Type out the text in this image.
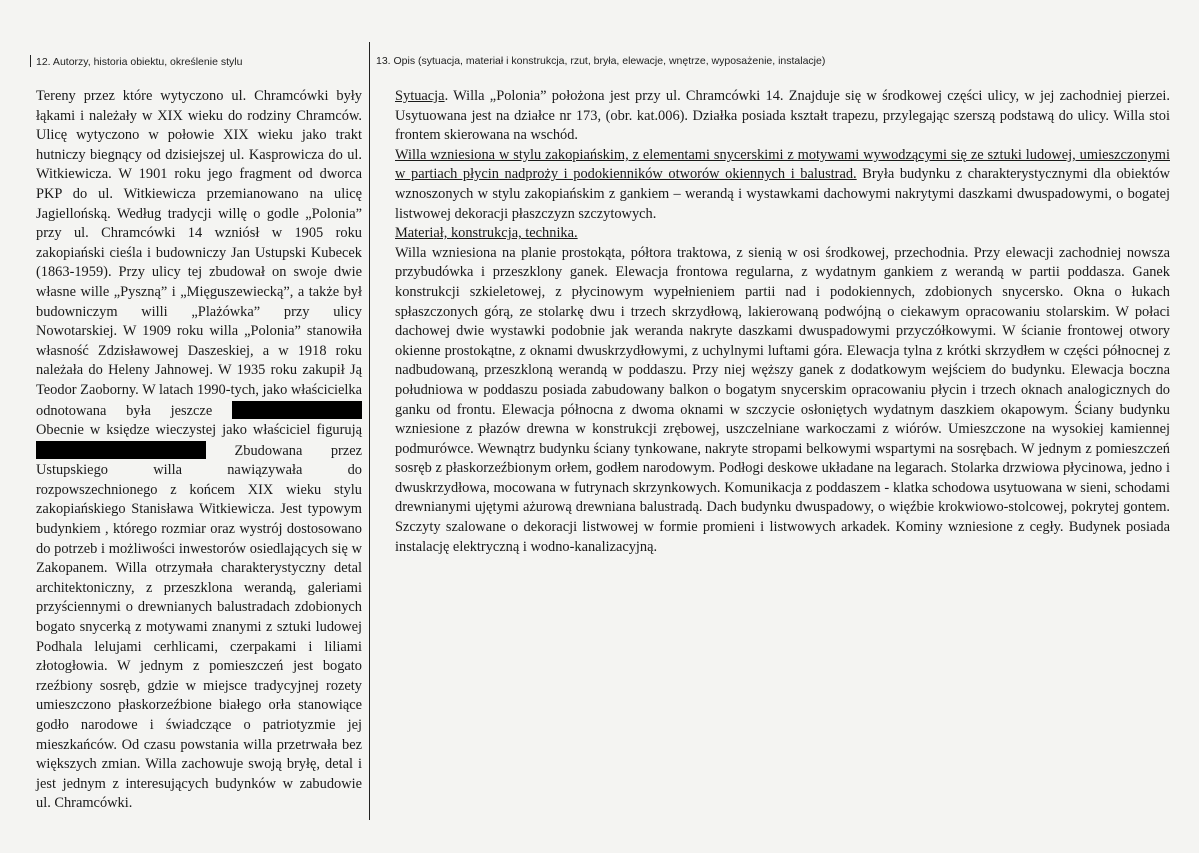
12. Autorzy, historia obiektu, określenie stylu	13. Opis (sytuacja, materiał i konstrukcja, rzut, bryła, elewacje, wnętrze, wyposażenie, instalacje)

Tereny przez które wytyczono ul. Chramcówki były łąkami i należały w XIX wieku do rodziny Chramców. Ulicę wytyczono w połowie XIX wieku jako trakt hutniczy biegnący od dzisiejszej ul. Kasprowicza do ul. Witkiewicza. W 1901 roku jego fragment od dworca PKP do ul. Witkiewicza przemianowano na ulicę Jagiellońską. Według tradycji willę o godle „Polonia” przy ul. Chramcówki 14 wzniósł w 1905 roku zakopiański cieśla i budowniczy Jan Ustupski Kubecek (1863-1959). Przy ulicy tej zbudował on swoje dwie własne wille „Pyszną” i „Mięguszewiecką”, a także był budowniczym willi „Plażówka” przy ulicy Nowotarskiej. W 1909 roku willa „Polonia” stanowiła własność Zdzisławowej Daszeskiej, a w 1918 roku należała do Heleny Jahnowej. W 1935 roku zakupił Ją Teodor Zaoborny. W latach 1990-tych, jako właścicielka odnotowana była jeszcze  Obecnie w księdze wieczystej jako właściciel figurują  Zbudowana przez Ustupskiego willa nawiązywała do rozpowszechnionego z końcem XIX wieku stylu zakopiańskiego Stanisława Witkiewicza. Jest typowym budynkiem , którego rozmiar oraz wystrój dostosowano do potrzeb i możliwości inwestorów osiedlających się w Zakopanem. Willa otrzymała charakterystyczny detal architektoniczny, z przeszklona werandą, galeriami przyściennymi o drewnianych balustradach zdobionych bogato snycerką z motywami znanymi z sztuki ludowej Podhala lelujami cerhlicami, czerpakami i liliami złotogłowia. W jednym z pomieszczeń jest bogato rzeźbiony sosręb, gdzie w miejsce tradycyjnej rozety umieszczono płaskorzeźbione białego orła stanowiące godło narodowe i świadczące o patriotyzmie jej mieszkańców. Od czasu powstania willa przetrwała bez większych zmian. Willa zachowuje swoją bryłę, detal i jest jednym z interesujących budynków w zabudowie ul. Chramcówki.

Sytuacja. Willa „Polonia” położona jest przy ul. Chramcówki 14. Znajduje się w środkowej części ulicy, w jej zachodniej pierzei. Usytuowana jest na działce nr 173, (obr. kat.006). Działka posiada kształt trapezu, przylegając szerszą podstawą do ulicy. Willa stoi frontem skierowana na wschód.

Willa wzniesiona w stylu zakopiańskim, z elementami snycerskimi z motywami wywodzącymi się ze sztuki ludowej, umieszczonymi w partiach płycin nadproży i podokienników otworów okiennych i balustrad. Bryła budynku z charakterystycznymi dla obiektów wznoszonych w stylu zakopiańskim z gankiem – werandą i wystawkami dachowymi nakrytymi daszkami dwuspadowymi, o bogatej listwowej dekoracji płaszczyzn szczytowych.

Materiał, konstrukcja, technika.

Willa wzniesiona na planie prostokąta, półtora traktowa, z sienią w osi środkowej, przechodnia. Przy elewacji zachodniej nowsza przybudówka i przeszklony ganek. Elewacja frontowa regularna, z wydatnym gankiem z werandą w partii poddasza. Ganek konstrukcji szkieletowej, z płycinowym wypełnieniem partii nad i podokiennych, zdobionych snycersko. Okna o łukach spłaszczonych górą, ze stolarkę dwu i trzech skrzydłową, lakierowaną podwójną o ciekawym opracowaniu stolarskim. W połaci dachowej dwie wystawki podobnie jak weranda nakryte daszkami dwuspadowymi przyczółkowymi. W ścianie frontowej otwory okienne prostokątne, z oknami dwuskrzydłowymi, z uchylnymi luftami góra. Elewacja tylna z krótki skrzydłem w części północnej z nadbudowaną, przeszkloną werandą w poddaszu. Przy niej węższy ganek z dodatkowym wejściem do budynku. Elewacja boczna południowa w poddaszu posiada zabudowany balkon o bogatym snycerskim opracowaniu płycin i trzech oknach analogicznych do ganku od frontu. Elewacja północna z dwoma oknami w szczycie osłoniętych wydatnym daszkiem okapowym. Ściany budynku wzniesione z płazów drewna w konstrukcji zrębowej, uszczelniane warkoczami z wiórów. Umieszczone na wysokiej kamiennej podmurówce. Wewnątrz budynku ściany tynkowane, nakryte stropami belkowymi wspartymi na sosrębach. W jednym z pomieszczeń sosręb z płaskorzeźbionym orłem, godłem narodowym. Podłogi deskowe układane na legarach. Stolarka drzwiowa płycinowa, jedno i dwuskrzydłowa, mocowana w futrynach skrzynkowych. Komunikacja z poddaszem - klatka schodowa usytuowana w sieni, schodami drewnianymi ujętymi ażurową drewniana balustradą. Dach budynku dwuspadowy, o więźbie krokwiowo-stolcowej, pokrytej gontem. Szczyty szalowane o dekoracji listwowej w formie promieni i listwowych arkadek. Kominy wzniesione z cegły. Budynek posiada instalację elektryczną i wodno-kanalizacyjną.
